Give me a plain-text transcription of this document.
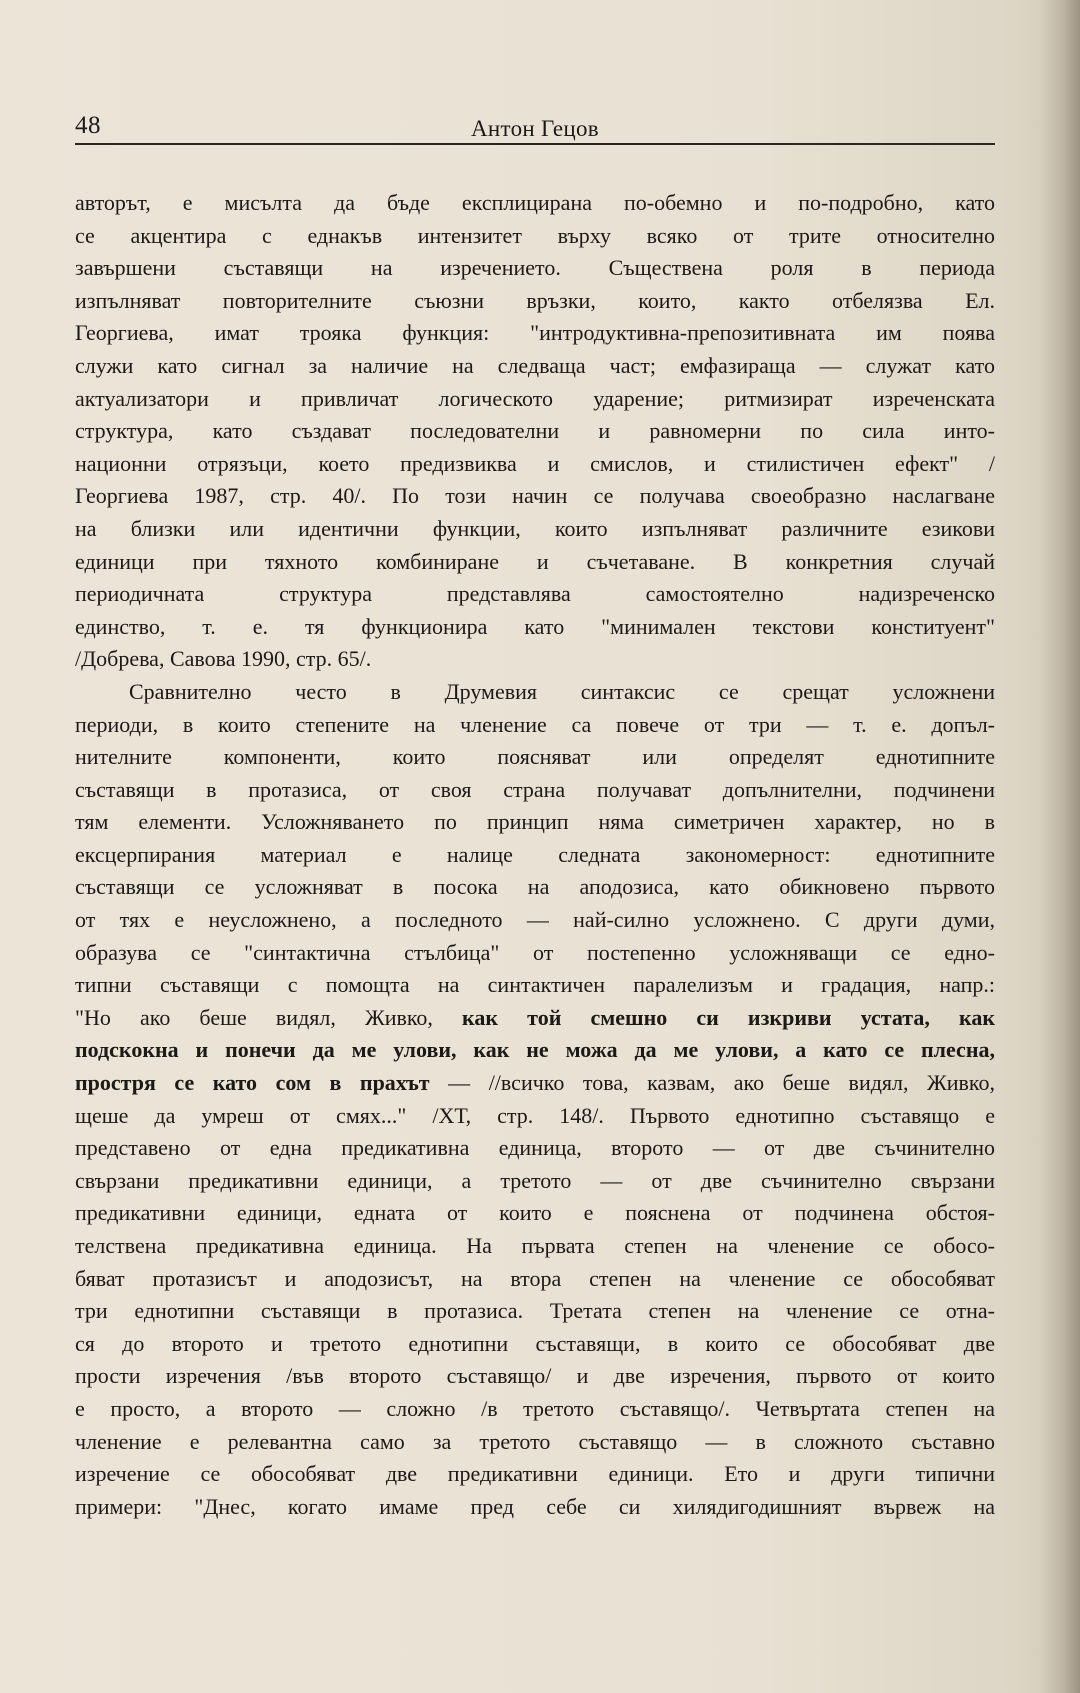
48	Антон Гецов
авторът, е мисълта да бъде експлицирана по-обемно и по-подробно, като
се акцентира с еднакъв интензитет върху всяко от трите относително
завършени съставящи на изречението. Съществена роля в периода
изпълняват повторителните съюзни връзки, които, както отбелязва Ел.
Георгиева, имат трояка функция: "интродуктивна-препозитивната им поява
служи като сигнал за наличие на следваща част; емфазираща — служат като
актуализатори и привличат логическото ударение; ритмизират изреченската
структура, като създават последователни и равномерни по сила инто-
национни отрязъци, което предизвиква и смислов, и стилистичен ефект" /
Георгиева 1987, стр. 40/. По този начин се получава своеобразно наслагване
на близки или идентични функции, които изпълняват различните езикови
единици при тяхното комбиниране и съчетаване. В конкретния случай
периодичната структура представлява самостоятелно надизреченско
единство, т. е. тя функционира като "минимален текстови конституент"
/Добрева, Савова 1990, стр. 65/.
Сравнително често в Друмевия синтаксис се срещат усложнени
периоди, в които степените на членение са повече от три — т. е. допъл-
нителните компоненти, които поясняват или определят еднотипните
съставящи в протазиса, от своя страна получават допълнителни, подчинени
тям елементи. Усложняването по принцип няма симетричен характер, но в
ексцерпирания материал е налице следната закономерност: еднотипните
съставящи се усложняват в посока на аподозиса, като обикновено първото
от тях е неусложнено, а последното — най-силно усложнено. С други думи,
образува се "синтактична стълбица" от постепенно усложняващи се едно-
типни съставящи с помощта на синтактичен паралелизъм и градация, напр.:
"Но ако беше видял, Живко, как той смешно си изкриви устата, как
подскокна и понечи да ме улови, как не можа да ме улови, а като се плесна,
простря се като сом в прахът — //всичко това, казвам, ако беше видял, Живко,
щеше да умреш от смях..." /ХТ, стр. 148/. Първото еднотипно съставящо е
представено от една предикативна единица, второто — от две съчинително
свързани предикативни единици, а третото — от две съчинително свързани
предикативни единици, едната от които е пояснена от подчинена обстоя-
телствена предикативна единица. На първата степен на членение се обосо-
бяват протазисът и аподозисът, на втора степен на членение се обособяват
три еднотипни съставящи в протазиса. Третата степен на членение се отна-
ся до второто и третото еднотипни съставящи, в които се обособяват две
прости изречения /във второто съставящо/ и две изречения, първото от които
е просто, а второто — сложно /в третото съставящо/. Четвъртата степен на
членение е релевантна само за третото съставящо — в сложното съставно
изречение се обособяват две предикативни единици. Ето и други типични
примери: "Днес, когато имаме пред себе си хилядигодишният вървеж на
